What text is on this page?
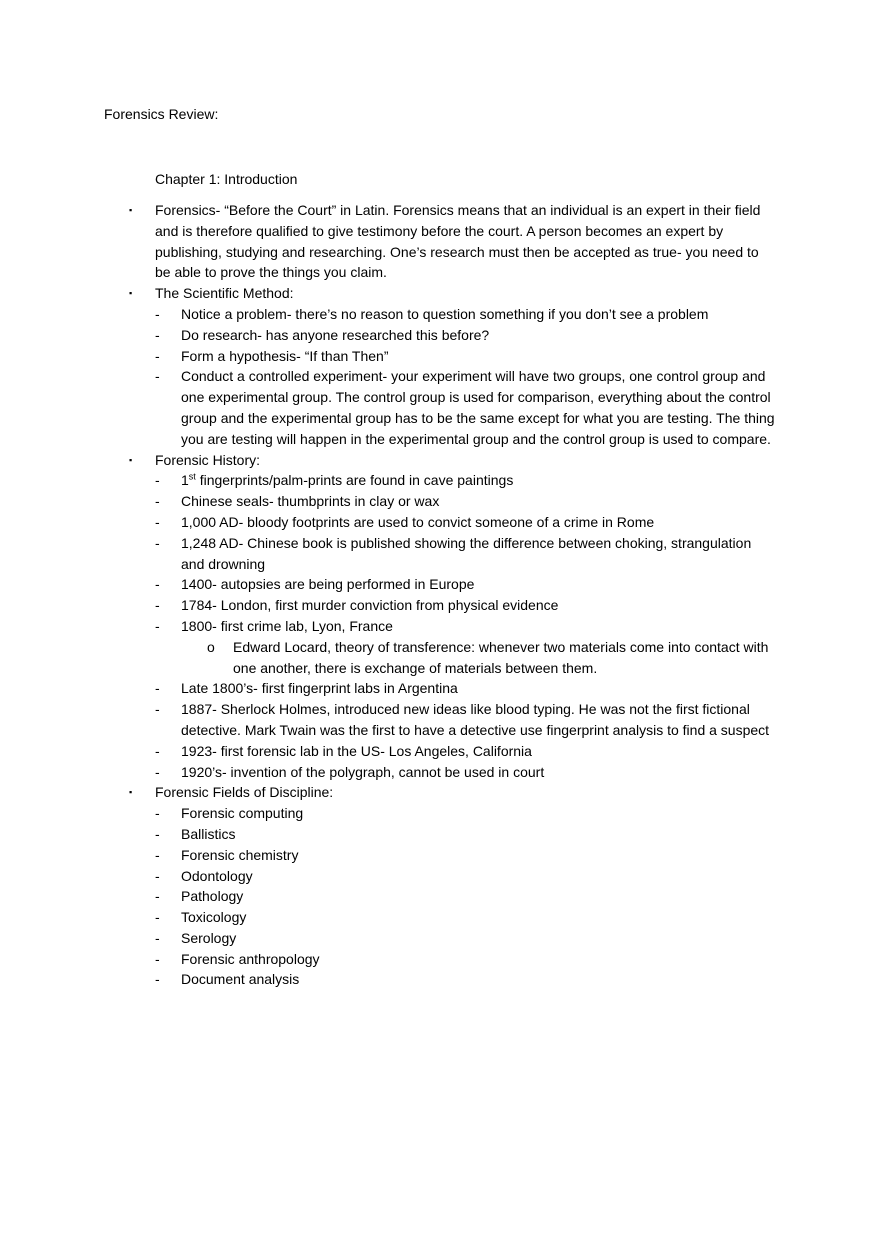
Forensics Review:
Chapter 1: Introduction
▪ Forensics- “Before the Court” in Latin. Forensics means that an individual is an expert in their field and is therefore qualified to give testimony before the court. A person becomes an expert by publishing, studying and researching. One’s research must then be accepted as true- you need to be able to prove the things you claim.
▪ The Scientific Method:
- Notice a problem- there’s no reason to question something if you don’t see a problem
- Do research- has anyone researched this before?
- Form a hypothesis- “If than Then”
- Conduct a controlled experiment- your experiment will have two groups, one control group and one experimental group. The control group is used for comparison, everything about the control group and the experimental group has to be the same except for what you are testing. The thing you are testing will happen in the experimental group and the control group is used to compare.
▪ Forensic History:
- 1st fingerprints/palm-prints are found in cave paintings
- Chinese seals- thumbprints in clay or wax
- 1,000 AD- bloody footprints are used to convict someone of a crime in Rome
- 1,248 AD- Chinese book is published showing the difference between choking, strangulation and drowning
- 1400- autopsies are being performed in Europe
- 1784- London, first murder conviction from physical evidence
- 1800- first crime lab, Lyon, France
o Edward Locard, theory of transference: whenever two materials come into contact with one another, there is exchange of materials between them.
- Late 1800’s- first fingerprint labs in Argentina
- 1887- Sherlock Holmes, introduced new ideas like blood typing. He was not the first fictional detective. Mark Twain was the first to have a detective use fingerprint analysis to find a suspect
- 1923- first forensic lab in the US- Los Angeles, California
- 1920’s- invention of the polygraph, cannot be used in court
▪ Forensic Fields of Discipline:
- Forensic computing
- Ballistics
- Forensic chemistry
- Odontology
- Pathology
- Toxicology
- Serology
- Forensic anthropology
- Document analysis
